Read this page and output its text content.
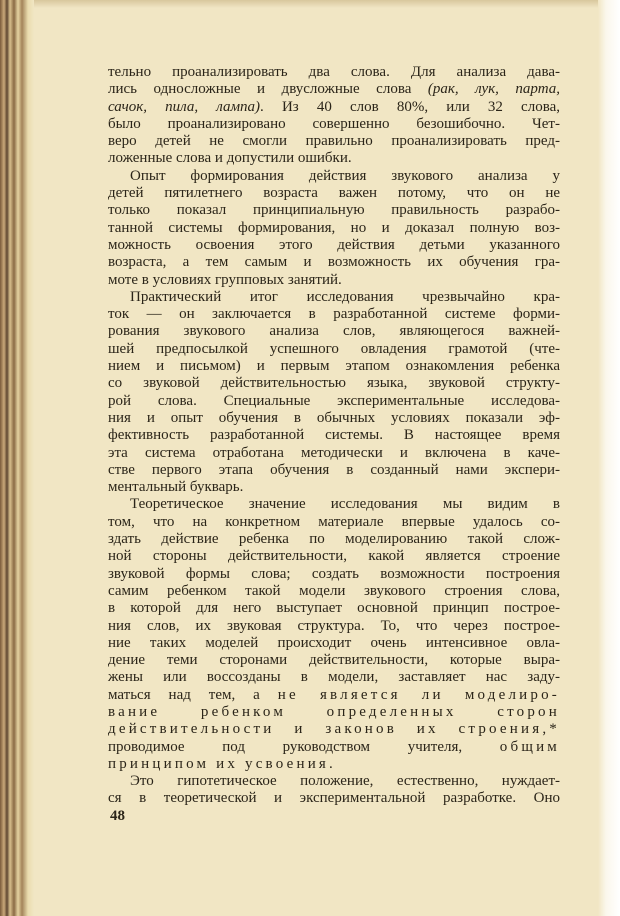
тельно проанализировать два слова. Для анализа дава-
лись односложные и двусложные слова (рак, лук, парта,
сачок, пила, лампа). Из 40 слов 80%, или 32 слова,
было проанализировано совершенно безошибочно. Чет-
веро детей не смогли правильно проанализировать пред-
ложенные слова и допустили ошибки.
Опыт формирования действия звукового анализа у
детей пятилетнего возраста важен потому, что он не
только показал принципиальную правильность разрабо-
танной системы формирования, но и доказал полную воз-
можность освоения этого действия детьми указанного
возраста, а тем самым и возможность их обучения гра-
моте в условиях групповых занятий.
Практический итог исследования чрезвычайно кра-
ток — он заключается в разработанной системе форми-
рования звукового анализа слов, являющегося важней-
шей предпосылкой успешного овладения грамотой (чте-
нием и письмом) и первым этапом ознакомления ребенка
со звуковой действительностью языка, звуковой структу-
рой слова. Специальные экспериментальные исследова-
ния и опыт обучения в обычных условиях показали эф-
фективность разработанной системы. В настоящее время
эта система отработана методически и включена в каче-
стве первого этапа обучения в созданный нами экспери-
ментальный букварь.
Теоретическое значение исследования мы видим в
том, что на конкретном материале впервые удалось со-
здать действие ребенка по моделированию такой слож-
ной стороны действительности, какой является строение
звуковой формы слова; создать возможности построения
самим ребенком такой модели звукового строения слова,
в которой для него выступает основной принцип построе-
ния слов, их звуковая структура. То, что через построе-
ние таких моделей происходит очень интенсивное овла-
дение теми сторонами действительности, которые выра-
жены или воссозданы в модели, заставляет нас заду-
маться над тем, а не является ли моделиро-
вание ребенком определенных сторон
действительности и законов их строения,*
проводимое под руководством учителя, общим
принципом их усвоения.
Это гипотетическое положение, естественно, нуждает-
ся в теоретической и экспериментальной разработке. Оно
48
